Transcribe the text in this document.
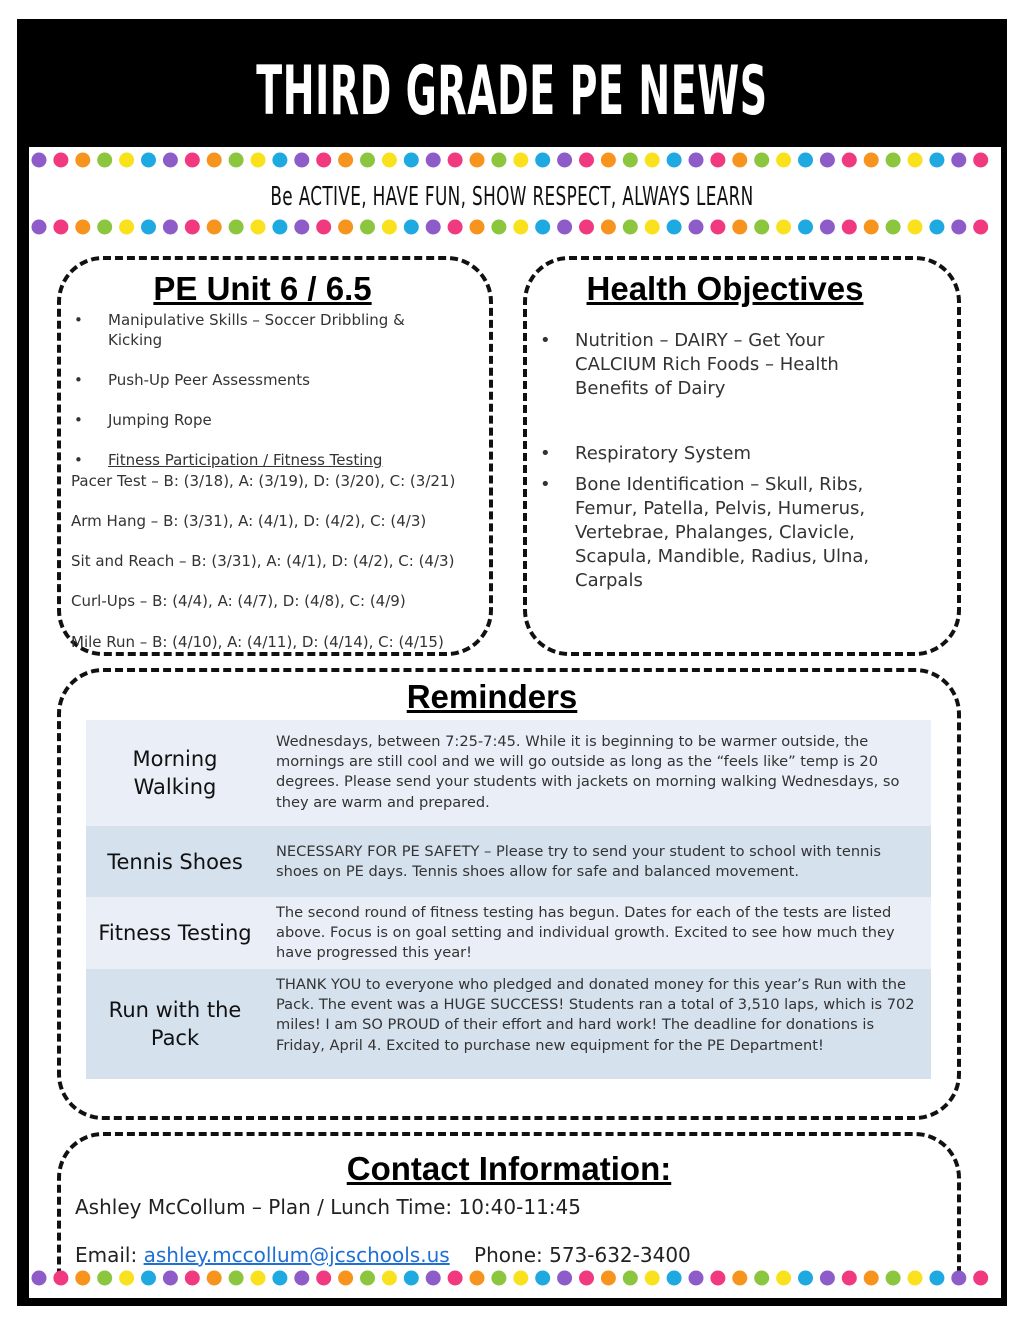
THIRD GRADE PE NEWS
Be ACTIVE, HAVE FUN, SHOW RESPECT, ALWAYS LEARN
PE Unit 6 / 6.5
• Manipulative Skills – Soccer Dribbling &
Kicking
• Push-Up Peer Assessments
• Jumping Rope
• Fitness Participation / Fitness Testing
Pacer Test – B: (3/18), A: (3/19), D: (3/20), C: (3/21)
Arm Hang – B: (3/31), A: (4/1), D: (4/2), C: (4/3)
Sit and Reach – B: (3/31), A: (4/1), D: (4/2), C: (4/3)
Curl-Ups – B: (4/4), A: (4/7), D: (4/8), C: (4/9)
Mile Run – B: (4/10), A: (4/11), D: (4/14), C: (4/15)
Health Objectives
• Nutrition – DAIRY – Get Your
CALCIUM Rich Foods – Health
Benefits of Dairy
• Respiratory System
• Bone Identification – Skull, Ribs,
Femur, Patella, Pelvis, Humerus,
Vertebrae, Phalanges, Clavicle,
Scapula, Mandible, Radius, Ulna,
Carpals
Reminders
Morning Walking
Wednesdays, between 7:25-7:45. While it is beginning to be warmer outside, the mornings are still cool and we will go outside as long as the “feels like” temp is 20 degrees. Please send your students with jackets on morning walking Wednesdays, so they are warm and prepared.
Tennis Shoes	NECESSARY FOR PE SAFETY – Please try to send your student to school with tennis shoes on PE days. Tennis shoes allow for safe and balanced movement.
Fitness Testing
The second round of fitness testing has begun. Dates for each of the tests are listed above. Focus is on goal setting and individual growth. Excited to see how much they have progressed this year!
Run with the Pack
THANK YOU to everyone who pledged and donated money for this year’s Run with the Pack. The event was a HUGE SUCCESS! Students ran a total of 3,510 laps, which is 702 miles! I am SO PROUD of their effort and hard work! The deadline for donations is Friday, April 4. Excited to purchase new equipment for the PE Department!
Contact Information:
Ashley McCollum – Plan / Lunch Time: 10:40-11:45
Email: ashley.mccollum@jcschools.us Phone: 573-632-3400
